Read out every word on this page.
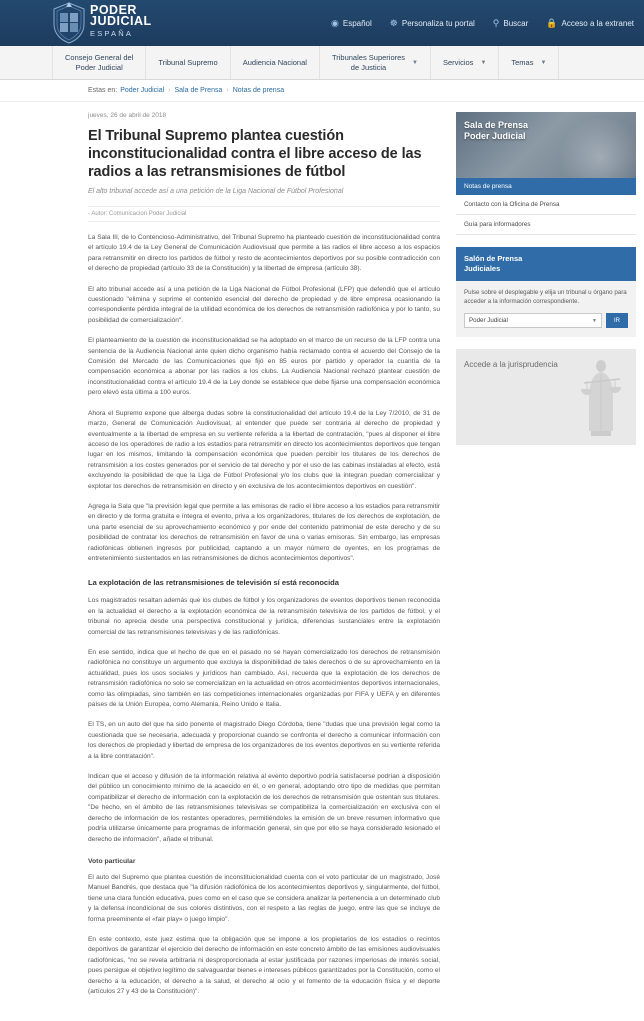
PODER
JUDICIAL
ESPAÑA
◉ Español ☸ Personaliza tu portal ⚲ Buscar 🔒 Acceso a la extranet
Consejo General del
Poder Judicial
Tribunal Supremo	Audiencia Nacional
Tribunales Superiores
de Justicia	▼	Servicios ▼	Temas ▼
Estas en: Poder Judicial › Sala de Prensa › Notas de prensa
jueves, 26 de abril de 2018
El Tribunal Supremo plantea cuestión inconstitucionalidad contra el libre acceso de las radios a las retransmisiones de fútbol
El alto tribunal accede así a una petición de la Liga Nacional de Fútbol Profesional
- Autor: Comunicacion Poder Judicial

La Sala III, de lo Contencioso-Administrativo, del Tribunal Supremo ha planteado cuestión de inconstitucionalidad contra el artículo 19.4 de la Ley General de Comunicación Audiovisual que permite a las radios el libre acceso a los espacios para retransmitir en directo los partidos de fútbol y resto de acontecimientos deportivos por su posible contradicción con el derecho de propiedad (artículo 33 de la Constitución) y la libertad de empresa (artículo 38).

El alto tribunal accede así a una petición de la Liga Nacional de Fútbol Profesional (LFP) que defendió que el artículo cuestionado "elimina y suprime el contenido esencial del derecho de propiedad y de libre empresa ocasionando la correspondiente pérdida integral de la utilidad económica de los derechos de retransmisión radiofónica y por lo tanto, su posibilidad de comercialización".

El planteamiento de la cuestión de inconstitucionalidad se ha adoptado en el marco de un recurso de la LFP contra una sentencia de la Audiencia Nacional ante quien dicho organismo había reclamado contra el acuerdo del Consejo de la Comisión del Mercado de las Comunicaciones que fijó en 85 euros por partido y operador la cuantía de la compensación económica a abonar por las radios a los clubs. La Audiencia Nacional rechazó plantear cuestión de inconstitucionalidad contra el artículo 19.4 de la Ley donde se establece que debe fijarse una compensación económica pero elevó esta última a 100 euros.

Ahora el Supremo expone que alberga dudas sobre la constitucionalidad del artículo 19.4 de la Ley 7/2010, de 31 de marzo, General de Comunicación Audiovisual, al entender que puede ser contraria al derecho de propiedad y eventualmente a la libertad de empresa en su vertiente referida a la libertad de contratación, "pues al disponer el libre acceso de los operadores de radio a los estadios para retransmitir en directo los acontecimientos deportivos que tengan lugar en los mismos, limitando la compensación económica que pueden percibir los titulares de los derechos de retransmisión a los costes generados por el servicio de tal derecho y por el uso de las cabinas instaladas al efecto, está excluyendo la posibilidad de que la Liga de Fútbol Profesional y/o los clubs que la integran puedan comercializar y explotar los derechos de retransmisión en directo y en exclusiva de los acontecimientos deportivos en cuestión".

Agrega la Sala que "la previsión legal que permite a las emisoras de radio el libre acceso a los estadios para retransmitir en directo y de forma gratuita e íntegra el evento, priva a los organizadores, titulares de los derechos de explotación, de una parte esencial de su aprovechamiento económico y por ende del contenido patrimonial de este derecho y de su posibilidad de contratar los derechos de retransmisión en favor de una o varias emisoras. Sin embargo, las empresas radiofónicas obtienen ingresos por publicidad, captando a un mayor número de oyentes, en los programas de entretenimiento sustentados en las retransmisiones de dichos acontecimientos deportivos".

La explotación de las retransmisiones de televisión sí está reconocida

Los magistrados resaltan además que los clubes de fútbol y los organizadores de eventos deportivos tienen reconocida en la actualidad el derecho a la explotación económica de la retransmisión televisiva de los partidos de fútbol, y el tribunal no aprecia desde una perspectiva constitucional y jurídica, diferencias sustanciales entre la explotación comercial de las retransmisiones televisivas y de las radiofónicas.

En ese sentido, indica que el hecho de que en el pasado no se hayan comercializado los derechos de retransmisión radiofónica no constituye un argumento que excluya la disponibilidad de tales derechos o de su aprovechamiento en la actualidad, pues los usos sociales y jurídicos han cambiado. Así, recuerda que la explotación de los derechos de retransmisión radiofónica no solo se comercializan en la actualidad en otros acontecimientos deportivos internacionales, como las olimpiadas, sino también en las competiciones internacionales organizadas por FIFA y UEFA y en diferentes países de la Unión Europea, como Alemania, Reino Unido e Italia.

El TS, en un auto del que ha sido ponente el magistrado Diego Córdoba, tiene "dudas que una previsión legal como la cuestionada que se necesaria, adecuada y proporcional cuando se confronta el derecho a comunicar información con los derechos de propiedad y libertad de empresa de los organizadores de los eventos deportivos en su vertiente referida a la libre contratación".

Indican que el acceso y difusión de la información relativa al evento deportivo podría satisfacerse podrían a disposición del público un conocimiento mínimo de la acaecido en él, o en general, adoptando otro tipo de medidas que permitan compatibilizar el derecho de información con la explotación de los derechos de retransmisión que ostentan sus titulares. "De hecho, en el ámbito de las retransmisiones televisivas se compatibiliza la comercialización en exclusiva con el derecho de información de los restantes operadores, permitiéndoles la emisión de un breve resumen informativo que podría utilizarse únicamente para programas de información general, sin que por ello se haya considerado lesionado el derecho de información", añade el tribunal.

Voto particular

El auto del Supremo que plantea cuestión de inconstitucionalidad cuenta con el voto particular de un magistrado, José Manuel Bandrés, que destaca que "la difusión radiofónica de los acontecimientos deportivos y, singularmente, del fútbol, tiene una clara función educativa, pues como en el caso que se considera analizar la pertenencia a un determinado club y la defensa incondicional de sus colores distintivos, con el respeto a las reglas de juego, entre las que se incluye de forma preeminente el «fair play» o juego limpio".

En este contexto, este juez estima que la obligación que se impone a los propietarios de los estadios o recintos deportivos de garantizar el ejercicio del derecho de información en este concreto ámbito de las emisiones audiovisuales radiofónicas, "no se revela arbitraria ni desproporcionada al estar justificada por razones imperiosas de interés social, pues persigue el objetivo legítimo de salvaguardar bienes e intereses públicos garantizados por la Constitución, como el derecho a la educación, el derecho a la salud, el derecho al ocio y el fomento de la educación física y el deporte (artículos 27 y 43 de la Constitución)".

Sala de Prensa
Poder Judicial
Notas de prensa
Contacto con la Oficina de Prensa
Guía para informadores
Salón de Prensa
Judiciales

Pulse sobre el desplegable y elija un tribunal u órgano para acceder a la información correspondiente.

Poder Judicial	▼	IR
Accede a la jurisprudencia
